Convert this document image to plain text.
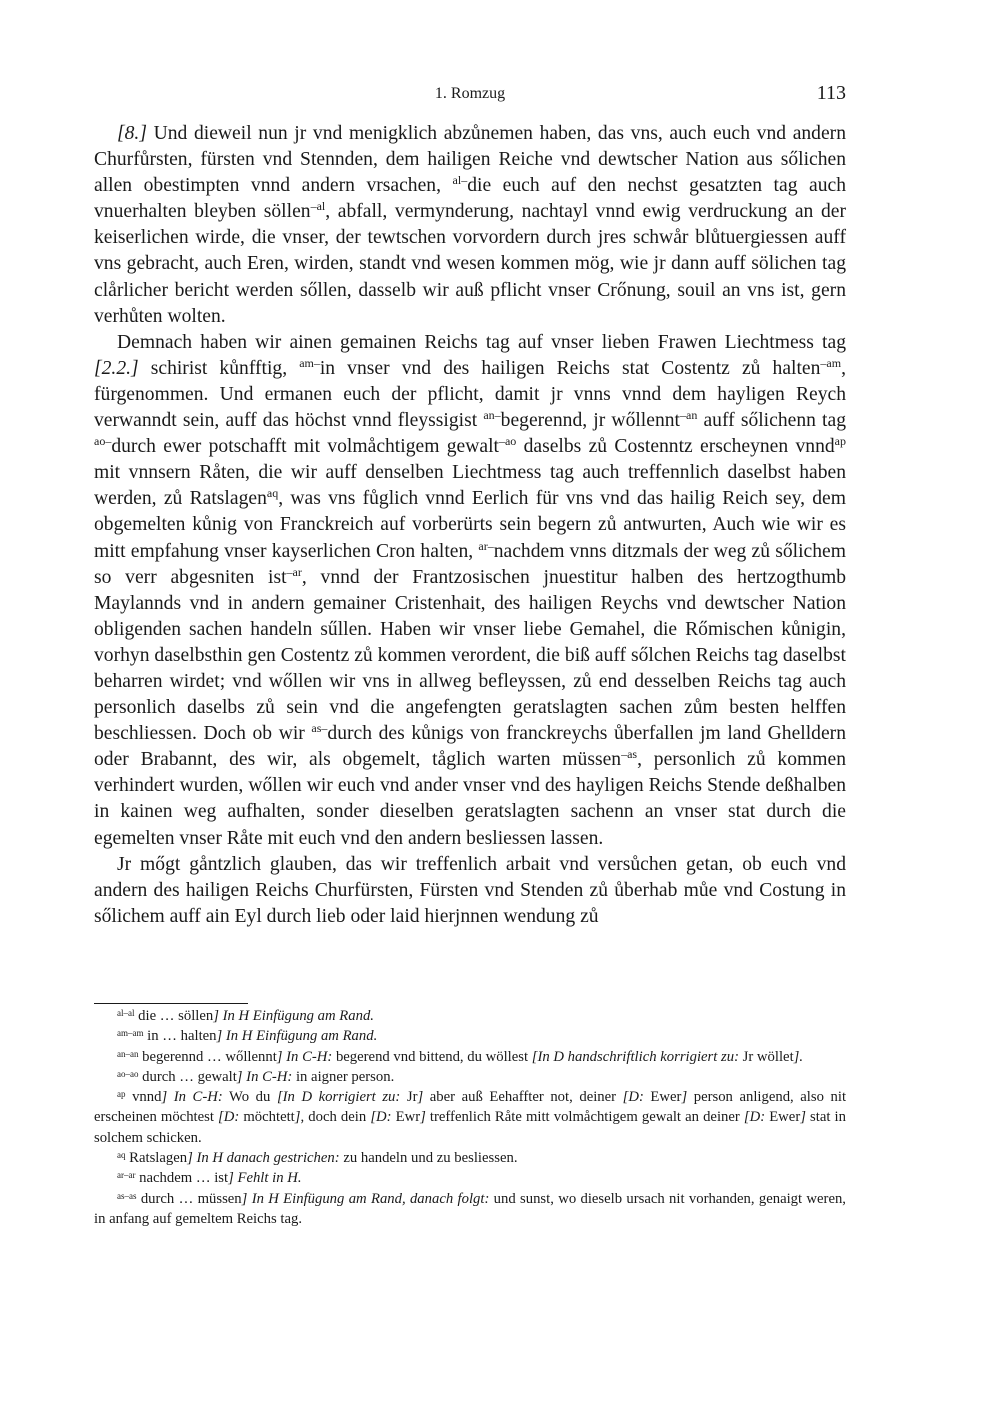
1. Romzug	113

[8.] Und dieweil nun jr vnd menigklich abzůnemen haben, das vns, auch euch vnd andern Churfůrsten, fürsten vnd Stennden, dem hailigen Reiche vnd dewtscher Nation aus sőlichen allen obestimpten vnnd andern vrsachen, $^{al-}$die euch auf den nechst gesatzten tag auch vnuerhalten bleyben söllen$^{-al}$, abfall, vermynderung, nachtayl vnnd ewig verdruckung an der keiserlichen wirde, die vnser, der tewtschen vorvordern durch jres schwår blůtuergiessen auff vns gebracht, auch Eren, wirden, standt vnd wesen kommen mög, wie jr dann auff sölichen tag clårlicher bericht werden sőllen, dasselb wir auß pflicht vnser Crőnung, souil an vns ist, gern verhůten wolten.

Demnach haben wir ainen gemainen Reichs tag auf vnser lieben Frawen Liechtmess tag [2.2.] schirist kůnfftig, $^{am-}$in vnser vnd des hailigen Reichs stat Costentz zů halten$^{-am}$, fürgenommen. Und ermanen euch der pflicht, damit jr vnns vnnd dem hayligen Reych verwanndt sein, auff das höchst vnnd fleyssigist $^{an-}$begerennd, jr wőllennt$^{-an}$ auff sőlichenn tag $^{ao-}$durch ewer potschafft mit volmåchtigem gewalt$^{-ao}$ daselbs zů Costenntz erscheynen vnnd$^{ap}$ mit vnnsern Råten, die wir auff denselben Liechtmess tag auch treffennlich daselbst haben werden, zů Ratslagen$^{aq}$, was vns fůglich vnnd Eerlich für vns vnd das hailig Reich sey, dem obgemelten kůnig von Franckreich auf vorberürts sein begern zů antwurten, Auch wie wir es mitt empfahung vnser kayserlichen Cron halten, $^{ar-}$nachdem vnns ditzmals der weg zů sőlichem so verr abgesniten ist$^{-ar}$, vnnd der Frantzosischen jnuestitur halben des hertzogthumb Maylannds vnd in andern gemainer Cristenhait, des hailigen Reychs vnd dewtscher Nation obligenden sachen handeln sűllen. Haben wir vnser liebe Gemahel, die Rőmischen kůnigin, vorhyn daselbsthin gen Costentz zů kommen verordent, die biß auff sőlchen Reichs tag daselbst beharren wirdet; vnd wőllen wir vns in allweg befleyssen, zů end desselben Reichs tag auch personlich daselbs zů sein vnd die angefengten geratslagten sachen zům besten helffen beschliessen. Doch ob wir $^{as-}$durch des kůnigs von franckreychs ůberfallen jm land Ghelldern oder Brabannt, des wir, als obgemelt, tåglich warten müssen$^{-as}$, personlich zů kommen verhindert wurden, wőllen wir euch vnd ander vnser vnd des hayligen Reichs Stende deßhalben in kainen weg aufhalten, sonder dieselben geratslagten sachenn an vnser stat durch die egemelten vnser Råte mit euch vnd den andern besliessen lassen.

Jr mőgt gåntzlich glauben, das wir treffenlich arbait vnd versůchen getan, ob euch vnd andern des hailigen Reichs Churfürsten, Fürsten vnd Stenden zů ůberhab můe vnd Costung in sőlichem auff ain Eyl durch lieb oder laid hierjnnen wendung zů

$^{al-al}$ die … söllen] In H Einfügung am Rand.

$^{am-am}$ in … halten] In H Einfügung am Rand.

$^{an-an}$ begerennd … wőllennt] In C-H: begerend vnd bittend, du wöllest [In D handschriftlich korrigiert zu: Jr wöllet].

$^{ao-ao}$ durch … gewalt] In C-H: in aigner person.

$^{ap}$ vnnd] In C-H: Wo du [In D korrigiert zu: Jr] aber auß Eehaffter not, deiner [D: Ewer] person anligend, also nit erscheinen möchtest [D: möchtett], doch dein [D: Ewr] treffenlich Råte mitt volmåchtigem gewalt an deiner [D: Ewer] stat in solchem schicken.

$^{aq}$ Ratslagen] In H danach gestrichen: zu handeln und zu besliessen.

$^{ar-ar}$ nachdem … ist] Fehlt in H.

$^{as-as}$ durch … müssen] In H Einfügung am Rand, danach folgt: und sunst, wo dieselb ursach nit vorhanden, genaigt weren, in anfang auf gemeltem Reichs tag.
